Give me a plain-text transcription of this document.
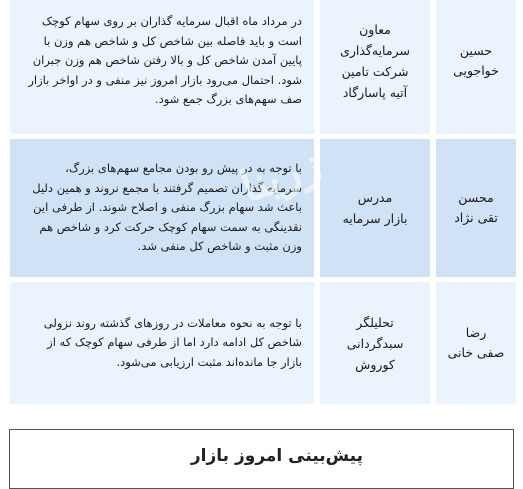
حسین
خواجویی
معاون
سرمایه‌گذاری
شرکت تامین
آتیه پاسارگاد
در مرداد ماه اقبال سرمایه گذاران بر روی سهام کوچک است و باید فاصله بین شاخص کل و شاخص هم وزن با پایین آمدن شاخص کل و بالا رفتن شاخص هم وزن جبران شود. احتمال می‌رود بازار امروز نیز منفی و در اواخر بازار صف سهم‌های بزرگ جمع شود.
محسن
تقی نژاد
مدرس
بازار سرمایه
با توجه به در پیش رو بودن مجامع سهم‌های بزرگ، سرمایه گذاران تصمیم گرفتند با مجمع نروند و همین دلیل باعث شد سهام بزرگ منفی و اصلاح شوند. از طرفی این نقدینگی به سمت سهام کوچک حرکت کرد و شاخص هم وزن مثبت و شاخص کل منفی شد.
رضا
صفی خانی
تحلیلگر
سبدگردانی
کوروش
با توجه به نحوه معاملات در روزهای گذشته روند نزولی شاخص کل ادامه دارد اما از طرفی سهام کوچک که از بازار جا مانده‌اند مثبت ارزیابی می‌شود.
زرینا
پیش‌بینی امروز بازار
